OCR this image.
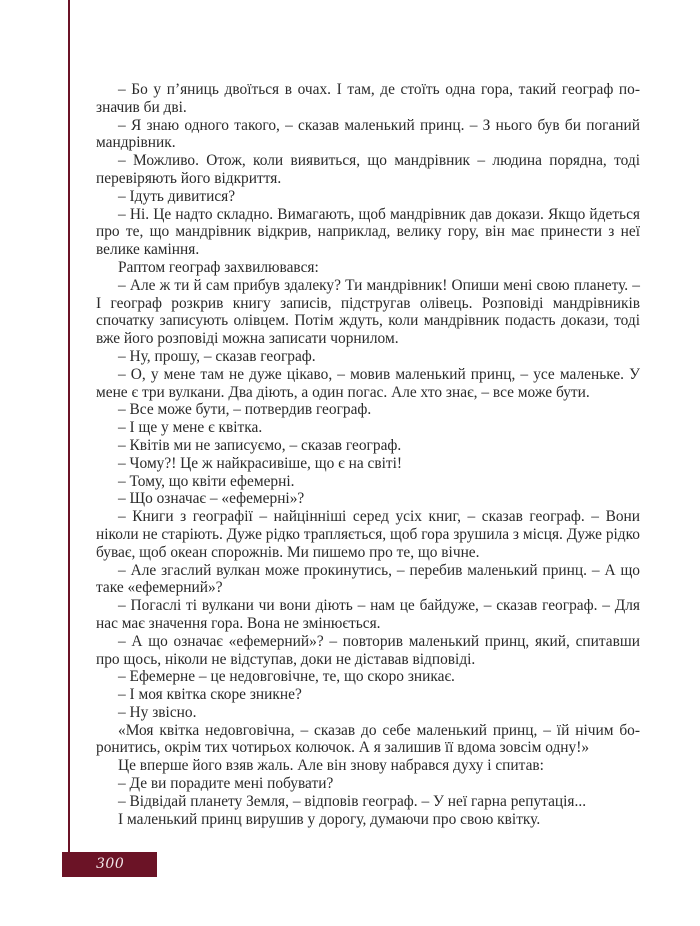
– Бо у п’яниць двоїться в очах. І там, де стоїть одна гора, такий географ позначив би дві.

– Я знаю одного такого, – сказав маленький принц. – З нього був би поганий мандрівник.

– Можливо. Отож, коли виявиться, що мандрівник – людина порядна, тоді перевіряють його відкриття.

– Ідуть дивитися?

– Ні. Це надто складно. Вимагають, щоб мандрівник дав докази. Якщо йдеться про те, що мандрівник відкрив, наприклад, велику гору, він має принести з неї велике каміння.

Раптом географ захвилювався:

– Але ж ти й сам прибув здалеку? Ти мандрівник! Опиши мені свою планету. – І географ розкрив книгу записів, підстругав олівець. Розповіді мандрівників спочатку записують олівцем. Потім ждуть, коли мандрівник подасть докази, тоді вже його розповіді можна записати чорнилом.

– Ну, прошу, – сказав географ.

– О, у мене там не дуже цікаво, – мовив маленький принц, – усе маленьке. У мене є три вулкани. Два діють, а один погас. Але хто знає, – все може бути.

– Все може бути, – потвердив географ.

– І ще у мене є квітка.

– Квітів ми не записуємо, – сказав географ.

– Чому?! Це ж найкрасивіше, що є на світі!

– Тому, що квіти ефемерні.

– Що означає – «ефемерні»?

– Книги з географії – найцінніші серед усіх книг, – сказав географ. – Вони ніколи не старіють. Дуже рідко трапляється, щоб гора зрушила з місця. Дуже рідко буває, щоб океан спорожнів. Ми пишемо про те, що вічне.

– Але згаслий вулкан може прокинутись, – перебив маленький принц. – А що таке «ефемерний»?

– Погаслі ті вулкани чи вони діють – нам це байдуже, – сказав географ. – Для нас має значення гора. Вона не змінюється.

– А що означає «ефемерний»? – повторив маленький принц, який, спитавши про щось, ніколи не відступав, доки не діставав відповіді.

– Ефемерне – це недовговічне, те, що скоро зникає.

– І моя квітка скоре зникне?

– Ну звісно.

«Моя квітка недовговічна, – сказав до себе маленький принц, – їй нічим боронитись, окрім тих чотирьох колючок. А я залишив її вдома зовсім одну!»

Це вперше його взяв жаль. Але він знову набрався духу і спитав:

– Де ви порадите мені побувати?

– Відвідай планету Земля, – відповів географ. – У неї гарна репутація...

І маленький принц вирушив у дорогу, думаючи про свою квітку.

300
